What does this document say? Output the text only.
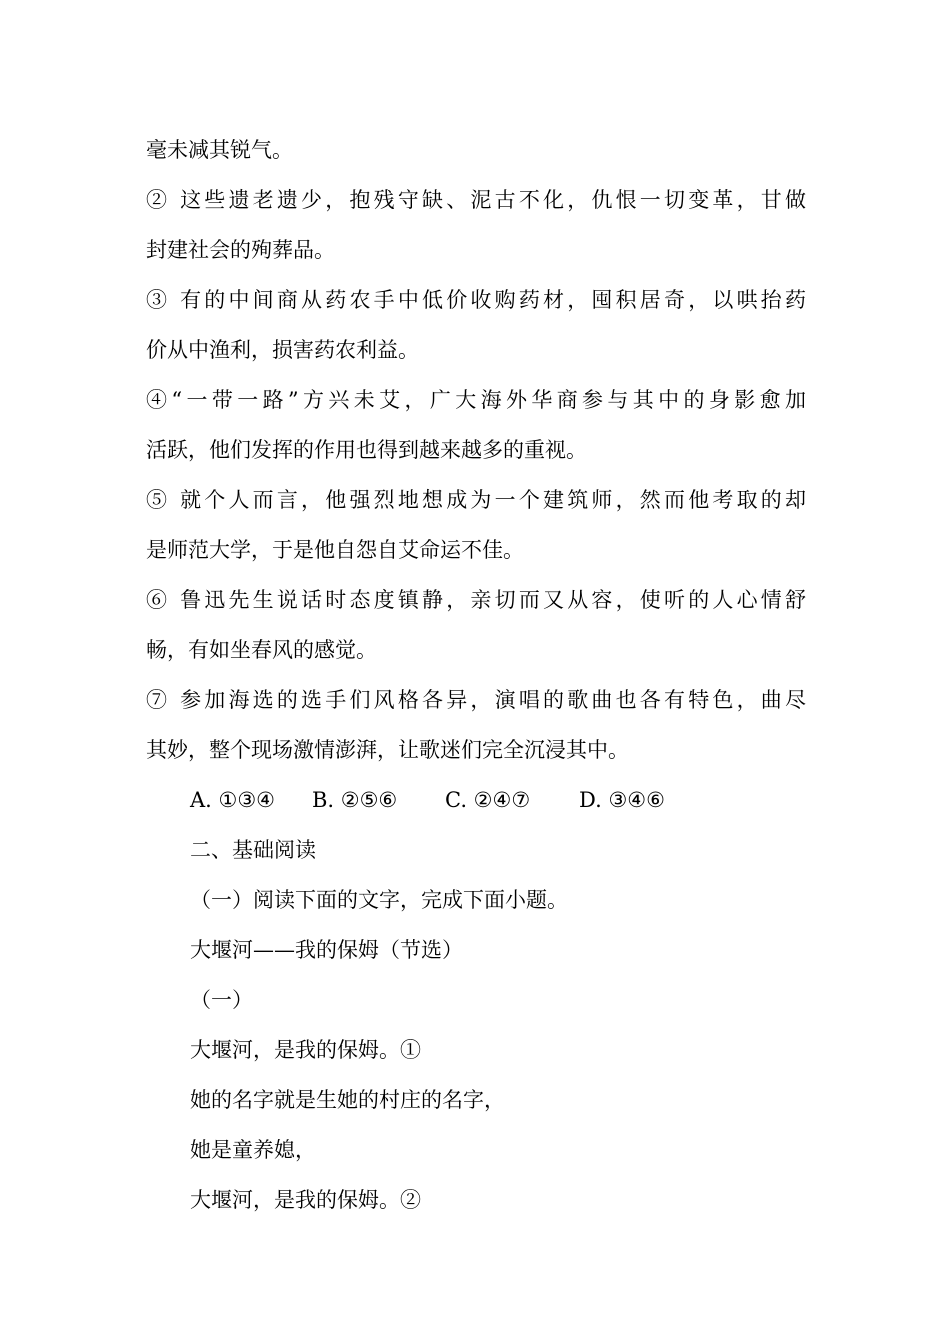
毫未减其锐气。
② 这些遗老遗少，抱残守缺、泥古不化，仇恨一切变革，甘做
封建社会的殉葬品。
③ 有的中间商从药农手中低价收购药材，囤积居奇，以哄抬药
价从中渔利，损害药农利益。
④“一带一路”方兴未艾，广大海外华商参与其中的身影愈加
活跃，他们发挥的作用也得到越来越多的重视。
⑤ 就个人而言，他强烈地想成为一个建筑师，然而他考取的却
是师范大学，于是他自怨自艾命运不佳。
⑥ 鲁迅先生说话时态度镇静，亲切而又从容，使听的人心情舒
畅，有如坐春风的感觉。
⑦ 参加海选的选手们风格各异，演唱的歌曲也各有特色，曲尽
其妙，整个现场激情澎湃，让歌迷们完全沉浸其中。
A. ①③④ B. ②⑤⑥ C. ②④⑦ D. ③④⑥
二、基础阅读
（一）阅读下面的文字，完成下面小题。
大堰河——我的保姆（节选）
（一）
大堰河，是我的保姆。①
她的名字就是生她的村庄的名字，
她是童养媳，
大堰河，是我的保姆。②
